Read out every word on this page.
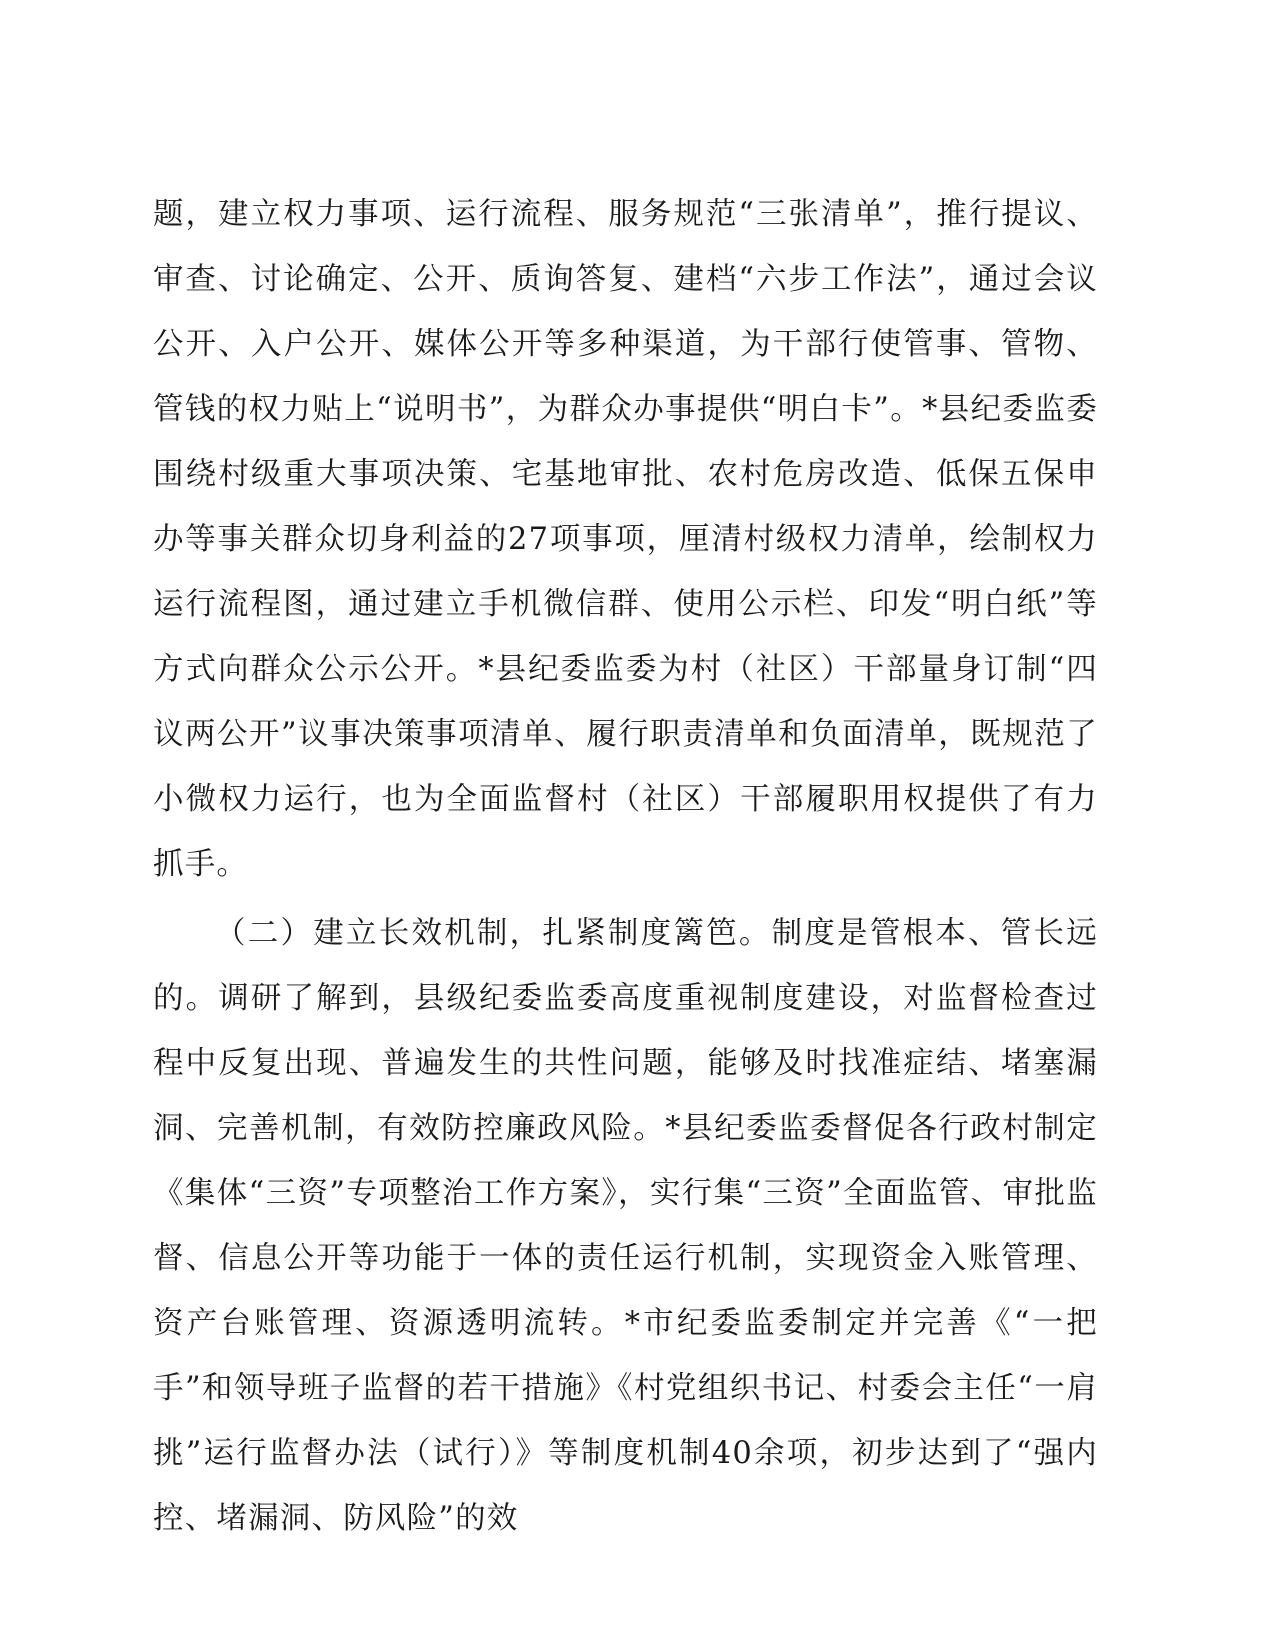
题，建立权力事项、运行流程、服务规范“三张清单”，推行提议、审查、讨论确定、公开、质询答复、建档“六步工作法”，通过会议公开、入户公开、媒体公开等多种渠道，为干部行使管事、管物、管钱的权力贴上“说明书”，为群众办事提供“明白卡”。*县纪委监委围绕村级重大事项决策、宅基地审批、农村危房改造、低保五保申办等事关群众切身利益的27项事项，厘清村级权力清单，绘制权力运行流程图，通过建立手机微信群、使用公示栏、印发“明白纸”等方式向群众公示公开。*县纪委监委为村（社区）干部量身订制“四议两公开”议事决策事项清单、履行职责清单和负面清单，既规范了小微权力运行，也为全面监督村（社区）干部履职用权提供了有力抓手。

（二）建立长效机制，扎紧制度篱笆。制度是管根本、管长远的。调研了解到，县级纪委监委高度重视制度建设，对监督检查过程中反复出现、普遍发生的共性问题，能够及时找准症结、堵塞漏洞、完善机制，有效防控廉政风险。*县纪委监委督促各行政村制定《集体“三资”专项整治工作方案》，实行集“三资”全面监管、审批监督、信息公开等功能于一体的责任运行机制，实现资金入账管理、资产台账管理、资源透明流转。*市纪委监委制定并完善《“一把手”和领导班子监督的若干措施》《村党组织书记、村委会主任“一肩挑”运行监督办法（试行）》等制度机制40余项，初步达到了“强内控、堵漏洞、防风险”的效
